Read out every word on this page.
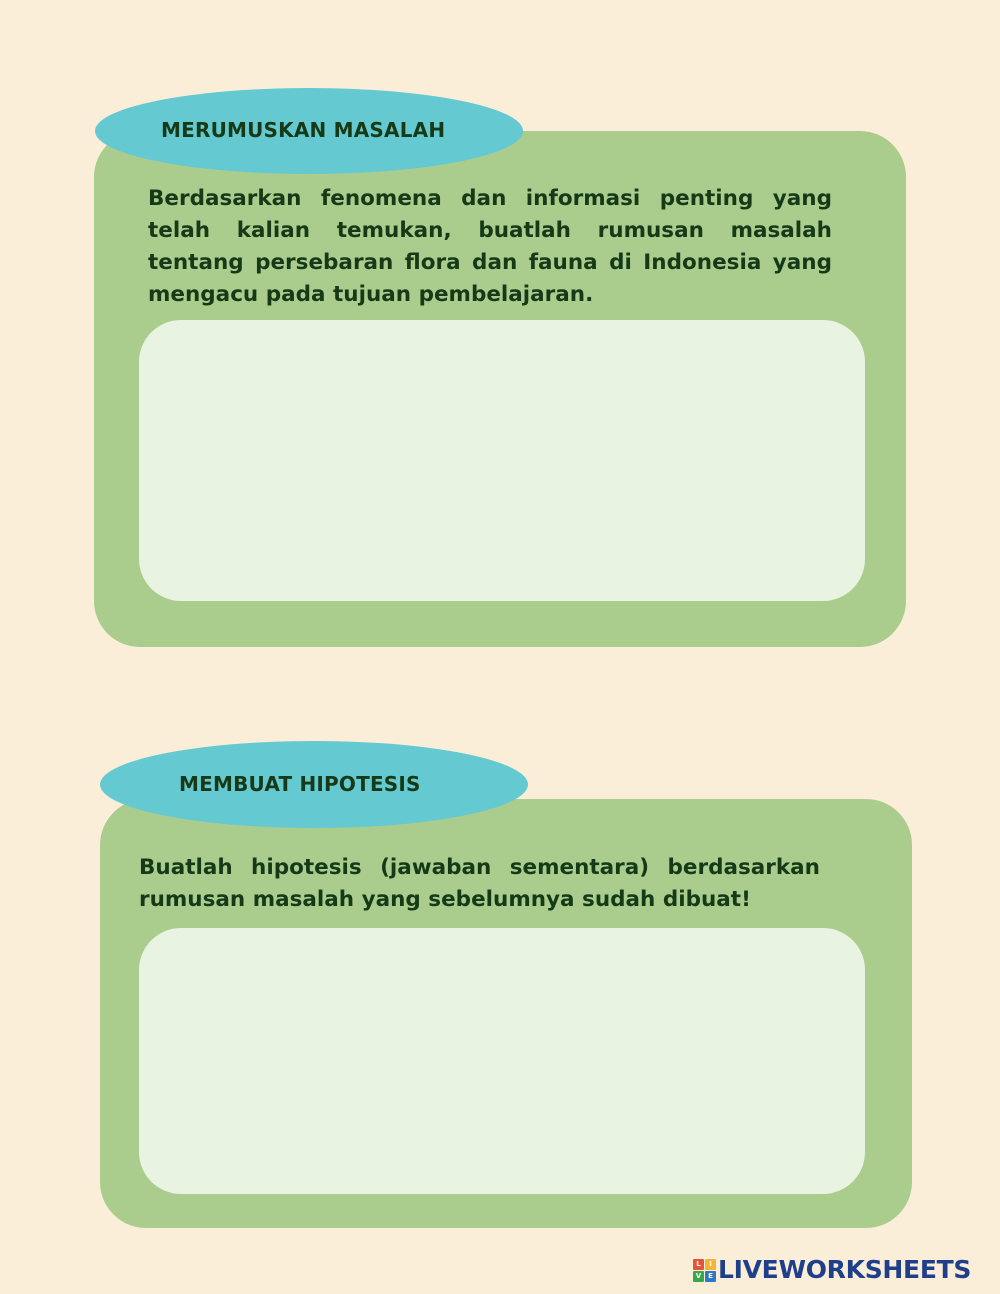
MERUMUSKAN MASALAH

Berdasarkan fenomena dan informasi penting yang telah kalian temukan, buatlah rumusan masalah tentang persebaran flora dan fauna di Indonesia yang mengacu pada tujuan pembelajaran.

MEMBUAT HIPOTESIS

Buatlah hipotesis (jawaban sementara) berdasarkan rumusan masalah yang sebelumnya sudah dibuat!

L	I
V E LIVEWORKSHEETS
